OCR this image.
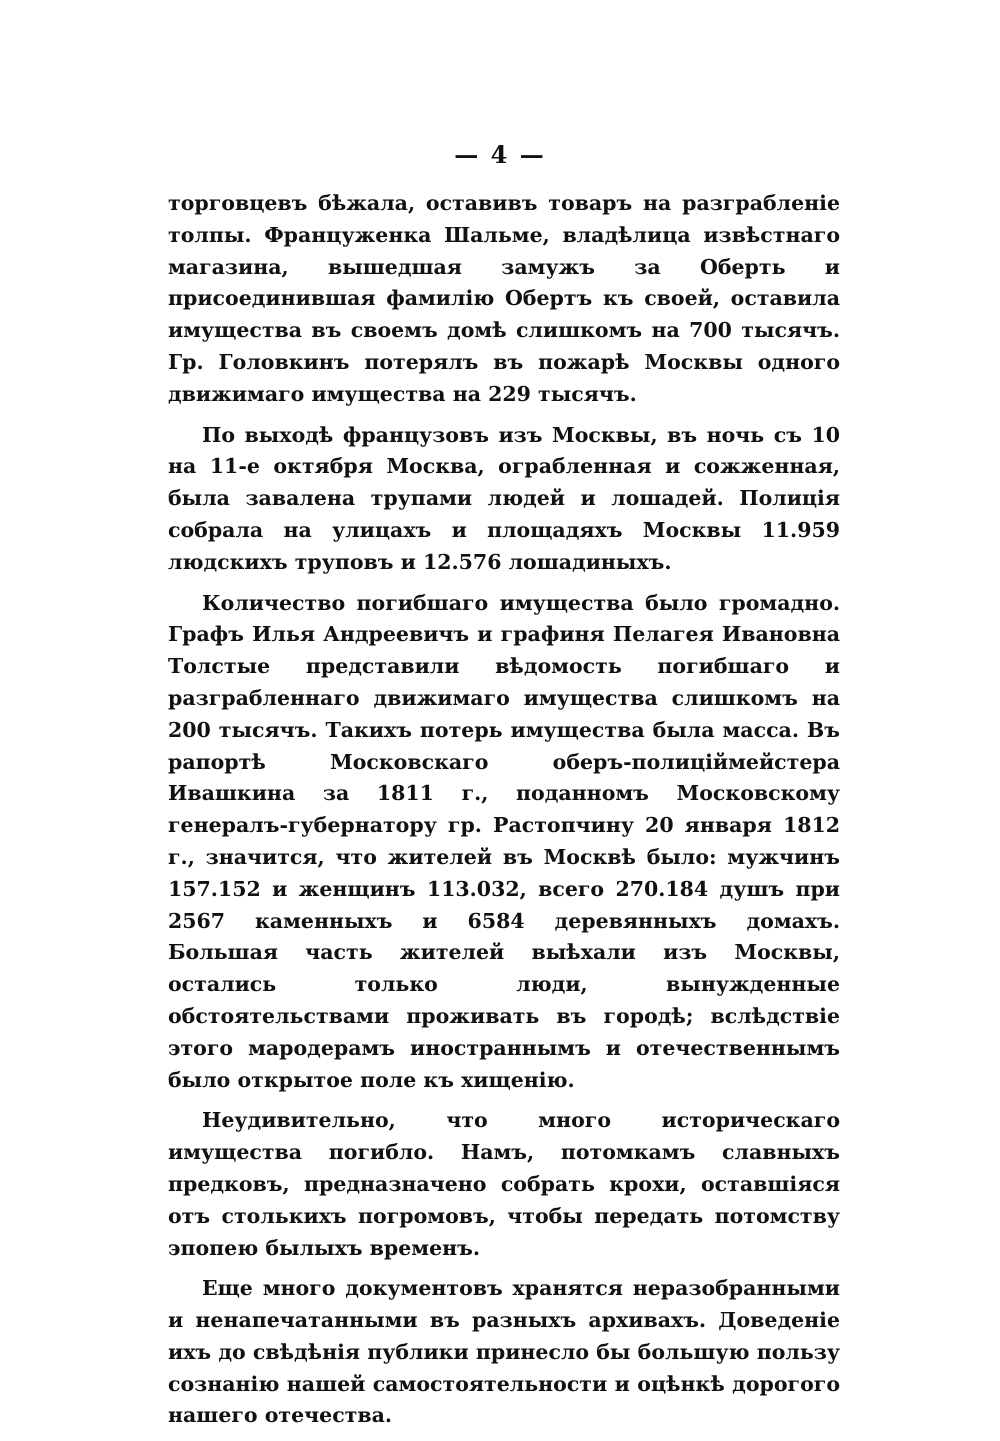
— 4 —

торговцевъ бѣжала, оставивъ товаръ на разграбленіе толпы. Француженка Шальме, владѣлица извѣстнаго магазина, вышедшая замужъ за Оберть и присоединившая фамилію Обертъ къ своей, оставила имущества въ своемъ домѣ слишкомъ на 700 тысячъ. Гр. Головкинъ потерялъ въ пожарѣ Москвы одного движимаго имущества на 229 тысячъ.

По выходѣ французовъ изъ Москвы, въ ночь съ 10 на 11-е октября Москва, ограбленная и сожженная, была завалена трупами людей и лошадей. Полиція собрала на улицахъ и площадяхъ Москвы 11.959 людскихъ труповъ и 12.576 лошадиныхъ.

Количество погибшаго имущества было громадно. Графъ Илья Андреевичъ и графиня Пелагея Ивановна Толстые представили вѣдомость погибшаго и разграбленнаго движимаго имущества слишкомъ на 200 тысячъ. Такихъ потерь имущества была масса. Въ рапортѣ Московскаго оберъ-полиціймейстера Ивашкина за 1811 г., поданномъ Московскому генералъ-губернатору гр. Растопчину 20 января 1812 г., значится, что жителей въ Москвѣ было: мужчинъ 157.152 и женщинъ 113.032, всего 270.184 душъ при 2567 каменныхъ и 6584 деревянныхъ домахъ. Большая часть жителей выѣхали изъ Москвы, остались только люди, вынужденные обстоятельствами проживать въ городѣ; вслѣдствіе этого мародерамъ иностраннымъ и отечественнымъ было открытое поле къ хищенію.

Неудивительно, что много историческаго имущества погибло. Намъ, потомкамъ славныхъ предковъ, предназначено собрать крохи, оставшіяся отъ столькихъ погромовъ, чтобы передать потомству эпопею былыхъ временъ.

Еще много документовъ хранятся неразобранными и ненапечатанными въ разныхъ архивахъ. Доведеніе ихъ до свѣдѣнія публики принесло бы большую пользу сознанію нашей самостоятельности и оцѣнкѣ дорогого нашего отечества.
